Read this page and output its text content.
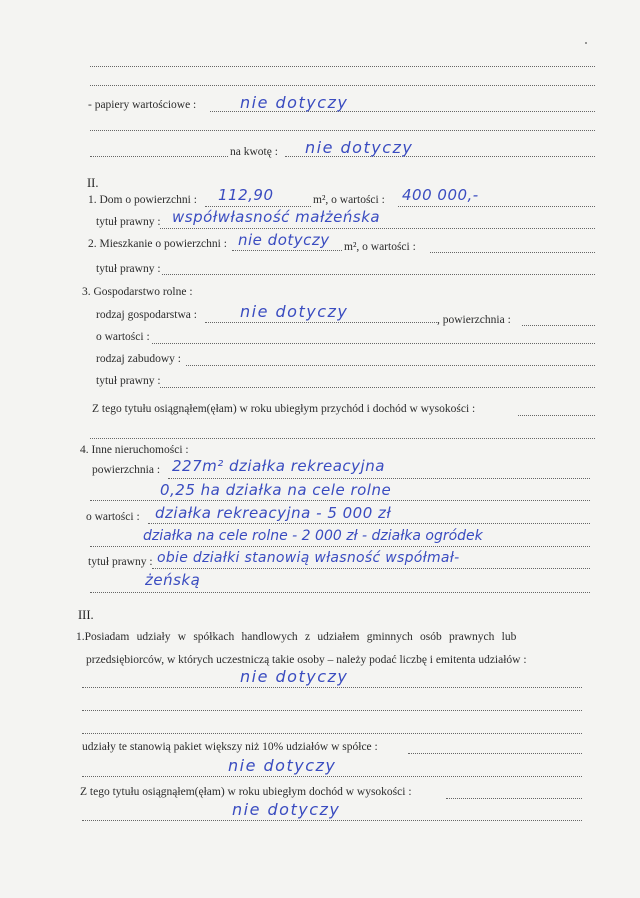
- papiery wartościowe :	nie dotyczy
na kwotę : nie dotyczy
II.
1. Dom o powierzchni : 112,90	m², o wartości : 400 000,-
tytuł prawny : współwłasność małżeńska
2. Mieszkanie o powierzchni : nie dotyczy m², o wartości :
tytuł prawny :
3. Gospodarstwo rolne :
rodzaj gospodarstwa :	nie dotyczy	, powierzchnia :
o wartości :
rodzaj zabudowy :
tytuł prawny :
Z tego tytułu osiągnąłem(ęłam) w roku ubiegłym przychód i dochód w wysokości :
4. Inne nieruchomości :
powierzchnia : 227m² działka rekreacyjna
0,25 ha działka na cele rolne
o wartości : działka rekreacyjna - 5 000 zł
działka na cele rolne - 2 000 zł - działka ogródek
tytuł prawny : obie działki stanowią własność współmał-
żeńską
III.
1.Posiadam udziały w spółkach handlowych z udziałem gminnych osób prawnych lub
przedsiębiorców, w których uczestniczą takie osoby – należy podać liczbę i emitenta udziałów :
nie dotyczy
udziały te stanowią pakiet większy niż 10% udziałów w spółce :
nie dotyczy
Z tego tytułu osiągnąłem(ęłam) w roku ubiegłym dochód w wysokości :
nie dotyczy
